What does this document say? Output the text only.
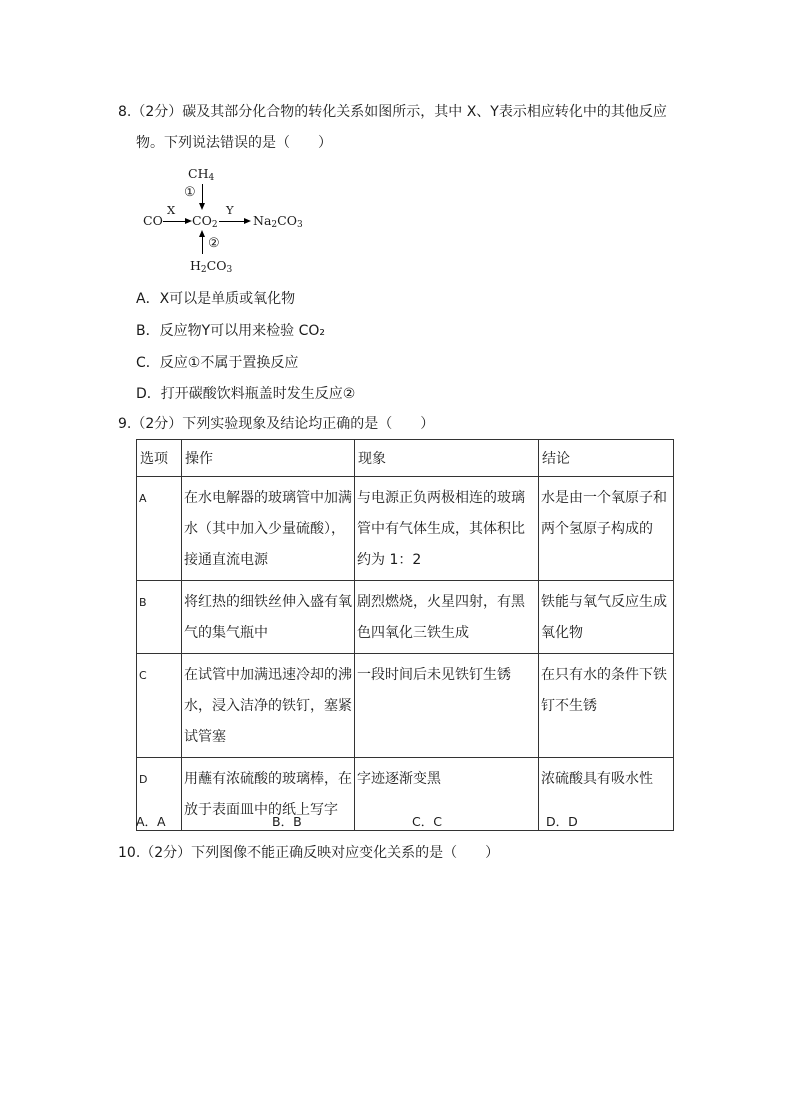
8.（2分）碳及其部分化合物的转化关系如图所示，其中 X、Y表示相应转化中的其他反应
物。下列说法错误的是（　　）
$CH_4$
①
CO
X
$CO_2$
Y
$Na_2CO_3$
②
$H_2CO_3$
A．X可以是单质或氧化物
B．反应物Y可以用来检验 CO₂
C．反应①不属于置换反应
D．打开碳酸饮料瓶盖时发生反应②
9.（2分）下列实验现象及结论均正确的是（　　）
选项	操作	现象	结论
A	在水电解器的玻璃管中加满水（其中加入少量硫酸），接通直流电源	与电源正负两极相连的玻璃管中有气体生成，其体积比约为 1：2	水是由一个氧原子和两个氢原子构成的
B	将红热的细铁丝伸入盛有氧气的集气瓶中	剧烈燃烧，火星四射，有黑色四氧化三铁生成	铁能与氧气反应生成氧化物
C	在试管中加满迅速冷却的沸水，浸入洁净的铁钉，塞紧试管塞	一段时间后未见铁钉生锈	在只有水的条件下铁钉不生锈
D	用蘸有浓硫酸的玻璃棒，在放于表面皿中的纸上写字	字迹逐渐变黑	浓硫酸具有吸水性
A．A	B．B	C．C	D．D
10.（2分）下列图像不能正确反映对应变化关系的是（　　）
